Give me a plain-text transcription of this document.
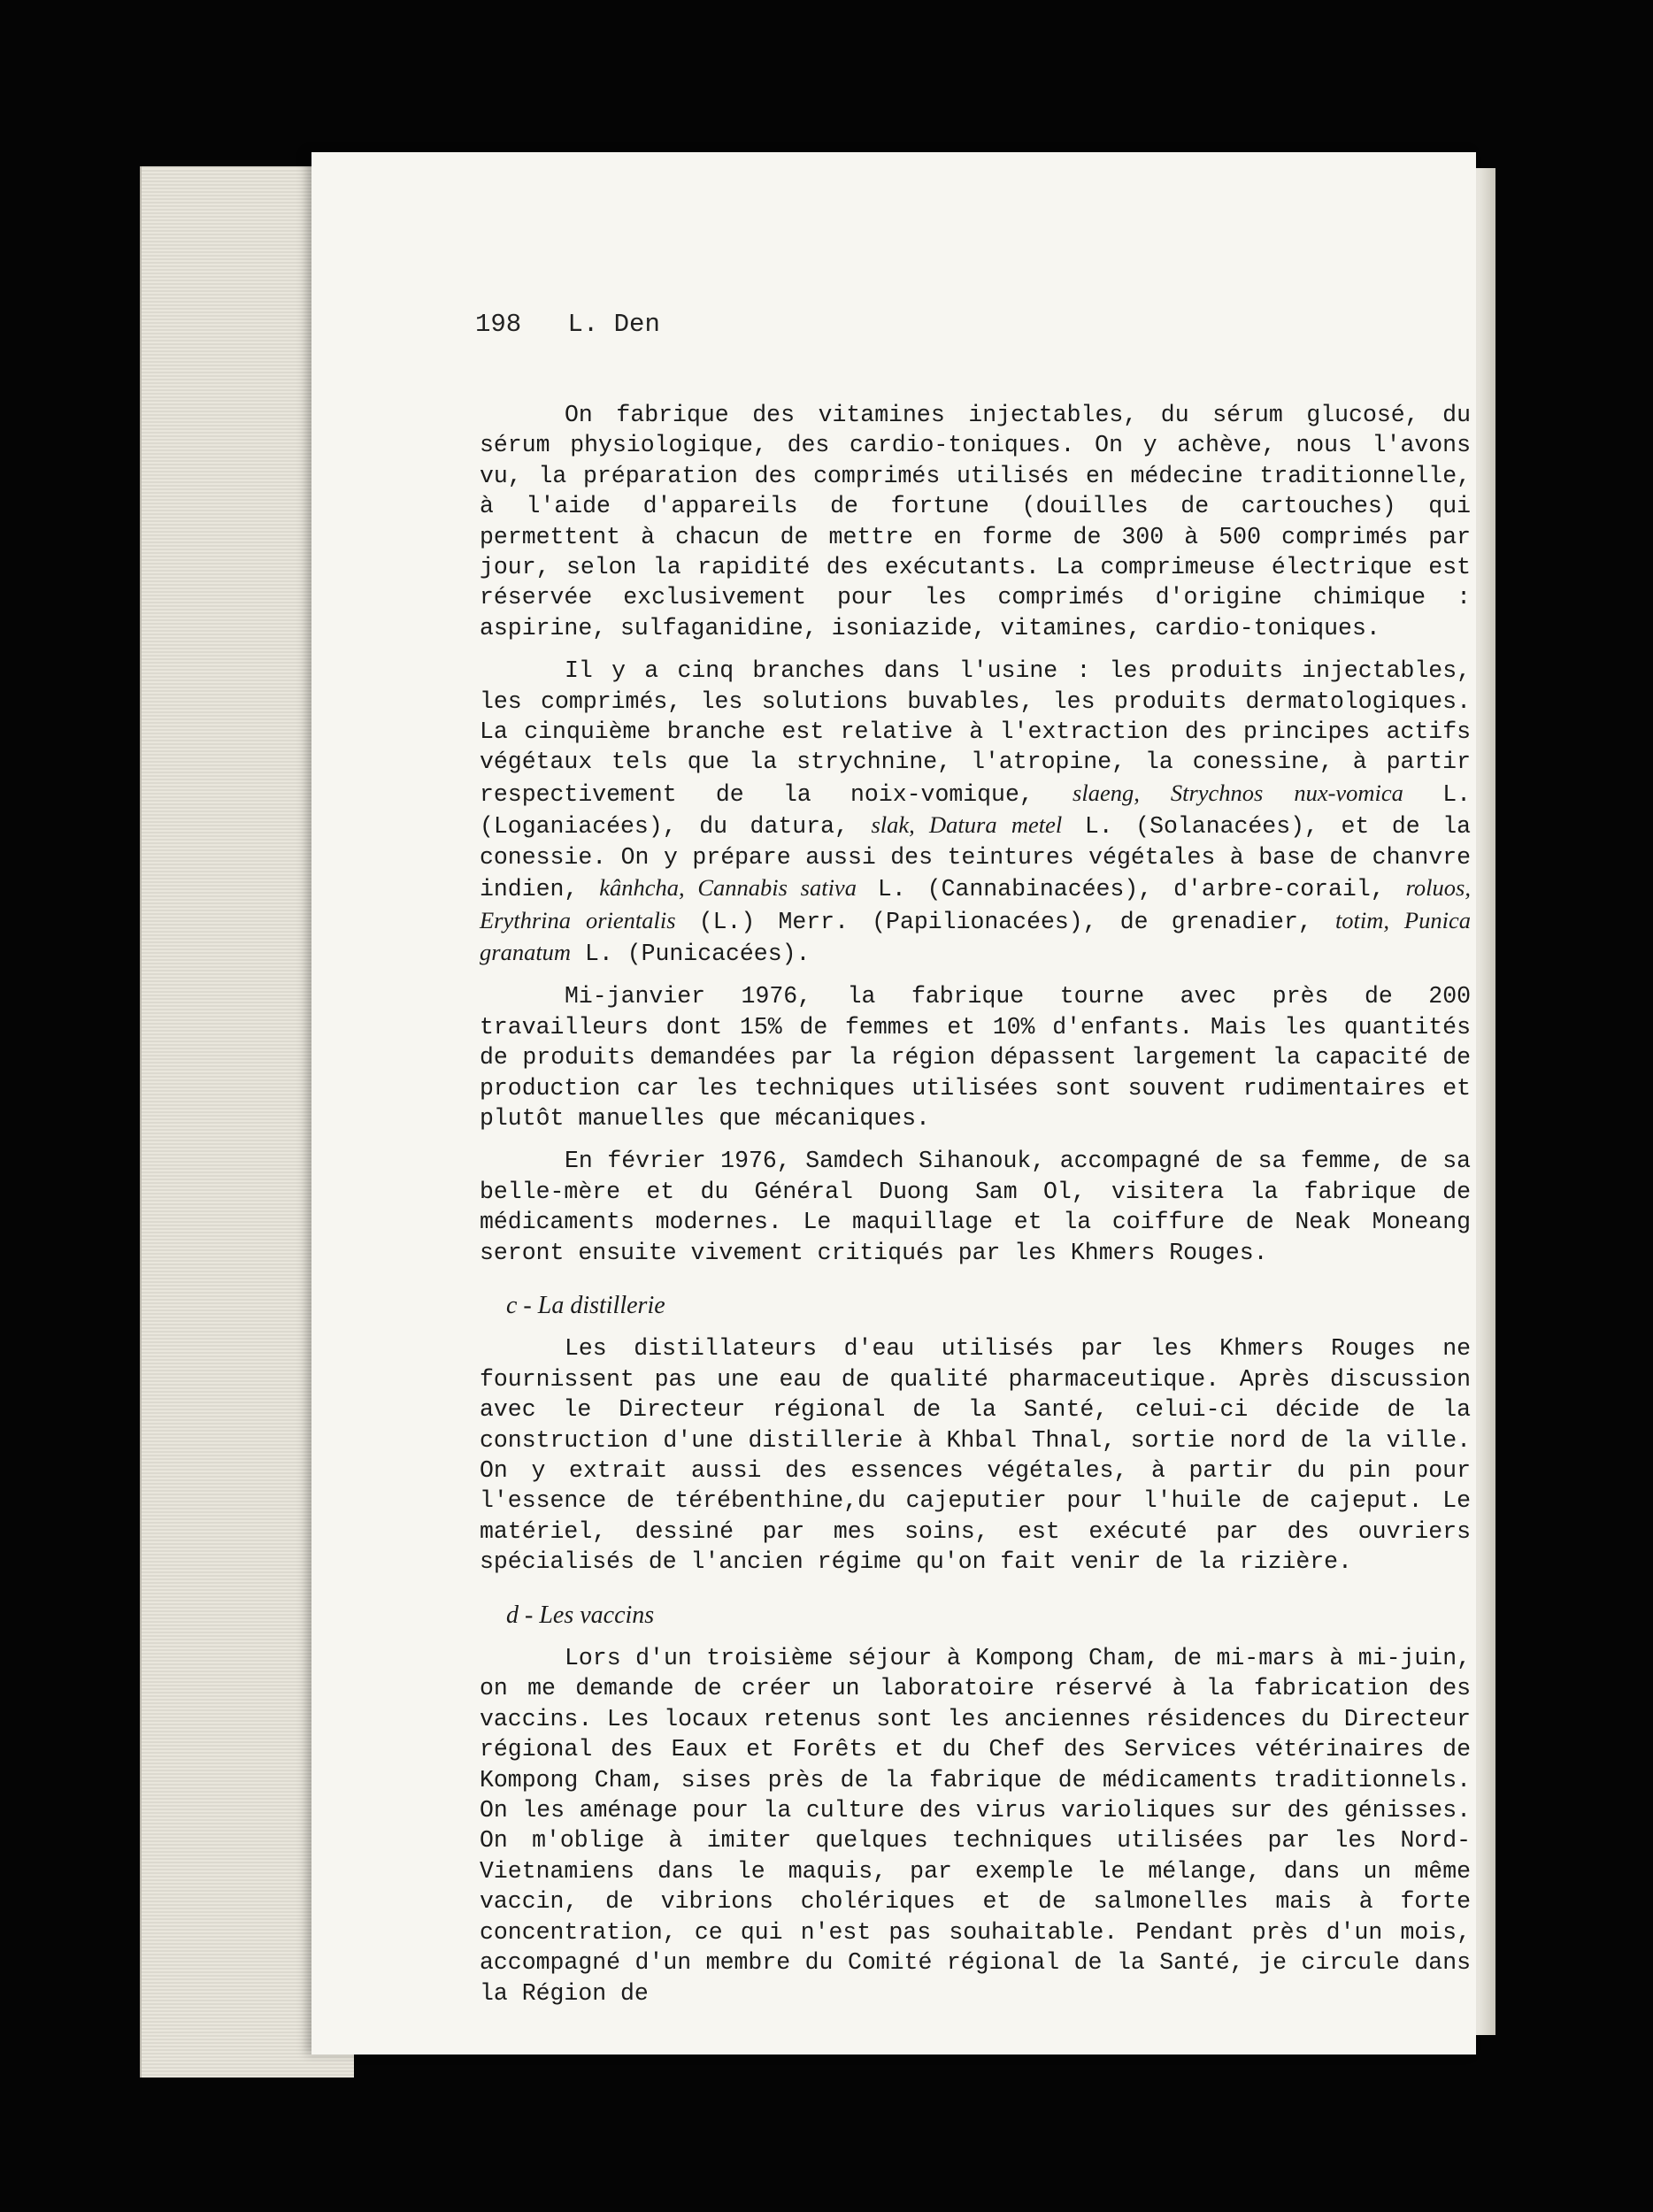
198 L. Den

On fabrique des vitamines injectables, du sérum glucosé, du sérum physiologique, des cardio-toniques. On y achève, nous l'avons vu, la préparation des comprimés utilisés en médecine traditionnelle, à l'aide d'appareils de fortune (douilles de cartouches) qui permettent à chacun de mettre en forme de 300 à 500 comprimés par jour, selon la rapidité des exécutants. La comprimeuse électrique est réservée exclusivement pour les comprimés d'origine chimique : aspirine, sulfaganidine, isoniazide, vitamines, cardio-toniques.

Il y a cinq branches dans l'usine : les produits injectables, les comprimés, les solutions buvables, les produits dermatologiques. La cinquième branche est relative à l'extraction des principes actifs végétaux tels que la strychnine, l'atropine, la conessine, à partir respectivement de la noix-vomique, slaeng, Strychnos nux-vomica L. (Loganiacées), du datura, slak, Datura metel L. (Solanacées), et de la conessie. On y prépare aussi des teintures végétales à base de chanvre indien, kânhcha, Cannabis sativa L. (Cannabinacées), d'arbre-corail, roluos, Erythrina orientalis (L.) Merr. (Papilionacées), de grenadier, totim, Punica granatum L. (Punicacées).

Mi-janvier 1976, la fabrique tourne avec près de 200 travailleurs dont 15% de femmes et 10% d'enfants. Mais les quantités de produits demandées par la région dépassent largement la capacité de production car les techniques utilisées sont souvent rudimentaires et plutôt manuelles que mécaniques.

En février 1976, Samdech Sihanouk, accompagné de sa femme, de sa belle-mère et du Général Duong Sam Ol, visitera la fabrique de médicaments modernes. Le maquillage et la coiffure de Neak Moneang seront ensuite vivement critiqués par les Khmers Rouges.

c - La distillerie

Les distillateurs d'eau utilisés par les Khmers Rouges ne fournissent pas une eau de qualité pharmaceutique. Après discussion avec le Directeur régional de la Santé, celui-ci décide de la construction d'une distillerie à Khbal Thnal, sortie nord de la ville. On y extrait aussi des essences végétales, à partir du pin pour l'essence de térébenthine,du cajeputier pour l'huile de cajeput. Le matériel, dessiné par mes soins, est exécuté par des ouvriers spécialisés de l'ancien régime qu'on fait venir de la rizière.

d - Les vaccins

Lors d'un troisième séjour à Kompong Cham, de mi-mars à mi-juin, on me demande de créer un laboratoire réservé à la fabrication des vaccins. Les locaux retenus sont les anciennes résidences du Directeur régional des Eaux et Forêts et du Chef des Services vétérinaires de Kompong Cham, sises près de la fabrique de médicaments traditionnels. On les aménage pour la culture des virus varioliques sur des génisses. On m'oblige à imiter quelques techniques utilisées par les Nord-Vietnamiens dans le maquis, par exemple le mélange, dans un même vaccin, de vibrions cholériques et de salmonelles mais à forte concentration, ce qui n'est pas souhaitable. Pendant près d'un mois, accompagné d'un membre du Comité régional de la Santé, je circule dans la Région de
